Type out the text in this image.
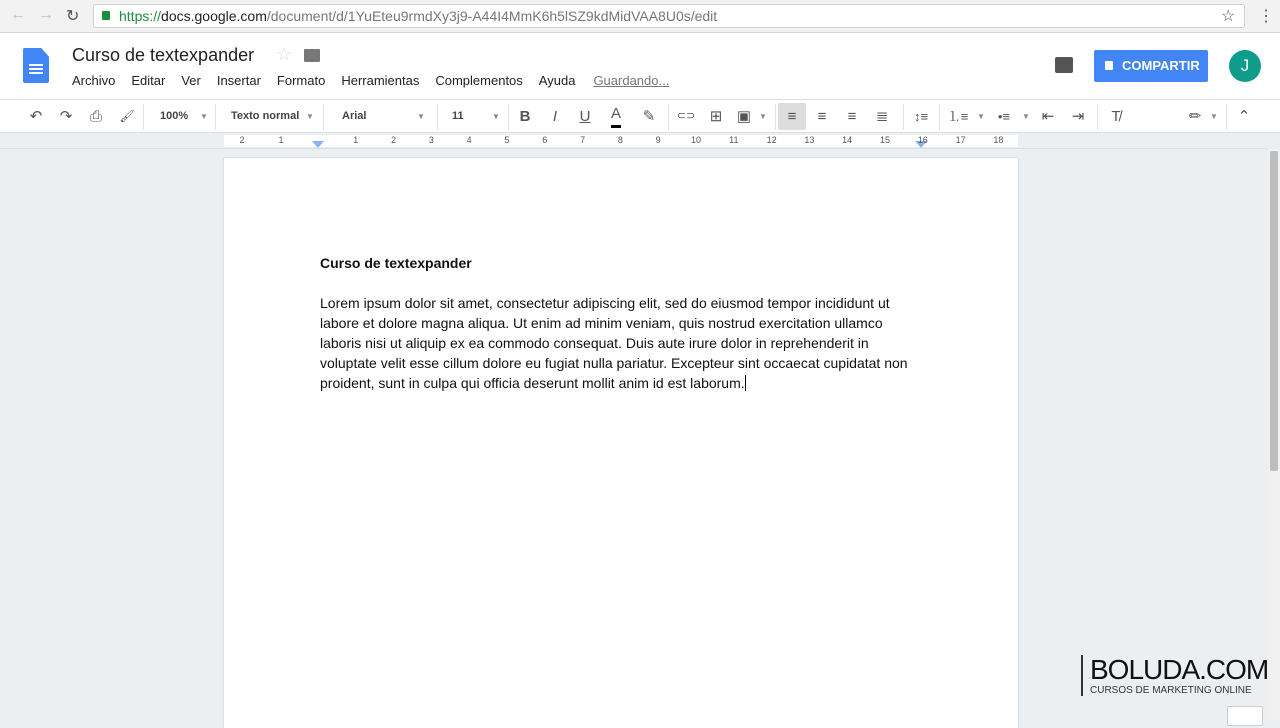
← → ↻	https://docs.google.com/document/d/1YuEteu9rmdXy3j9-A44I4MmK6h5lSZ9kdMidVAA8U0s/edit	☆ ⋮
Curso de textexpander ☆
Archivo Editar Ver Insertar Formato Herramientas Complementos Ayuda Guardando...
COMPARTIR	J
↶ ↷ ⎙ 🖌 100% ▼ Texto normal ▼	Arial	▼ 11	▼ B I U A ✎ ⊂⊃ ⊞ ▣ ▼	≡	≡ ≡ ≣ ↕≡ ⒈≡ ▼ •≡ ▼ ⇤ ⇥ T̸	✏ ▼ ⌃
2	1	1	2	3	4	5	6	7	8	9	10	11	12	13	14	15	16	17	18
Curso de textexpander
Lorem ipsum dolor sit amet, consectetur adipiscing elit, sed do eiusmod tempor incididunt ut labore et dolore magna aliqua. Ut enim ad minim veniam, quis nostrud exercitation ullamco laboris nisi ut aliquip ex ea commodo consequat. Duis aute irure dolor in reprehenderit in voluptate velit esse cillum dolore eu fugiat nulla pariatur. Excepteur sint occaecat cupidatat non proident, sunt in culpa qui officia deserunt mollit anim id est laborum.
BOLUDA.COM
CURSOS DE MARKETING ONLINE
